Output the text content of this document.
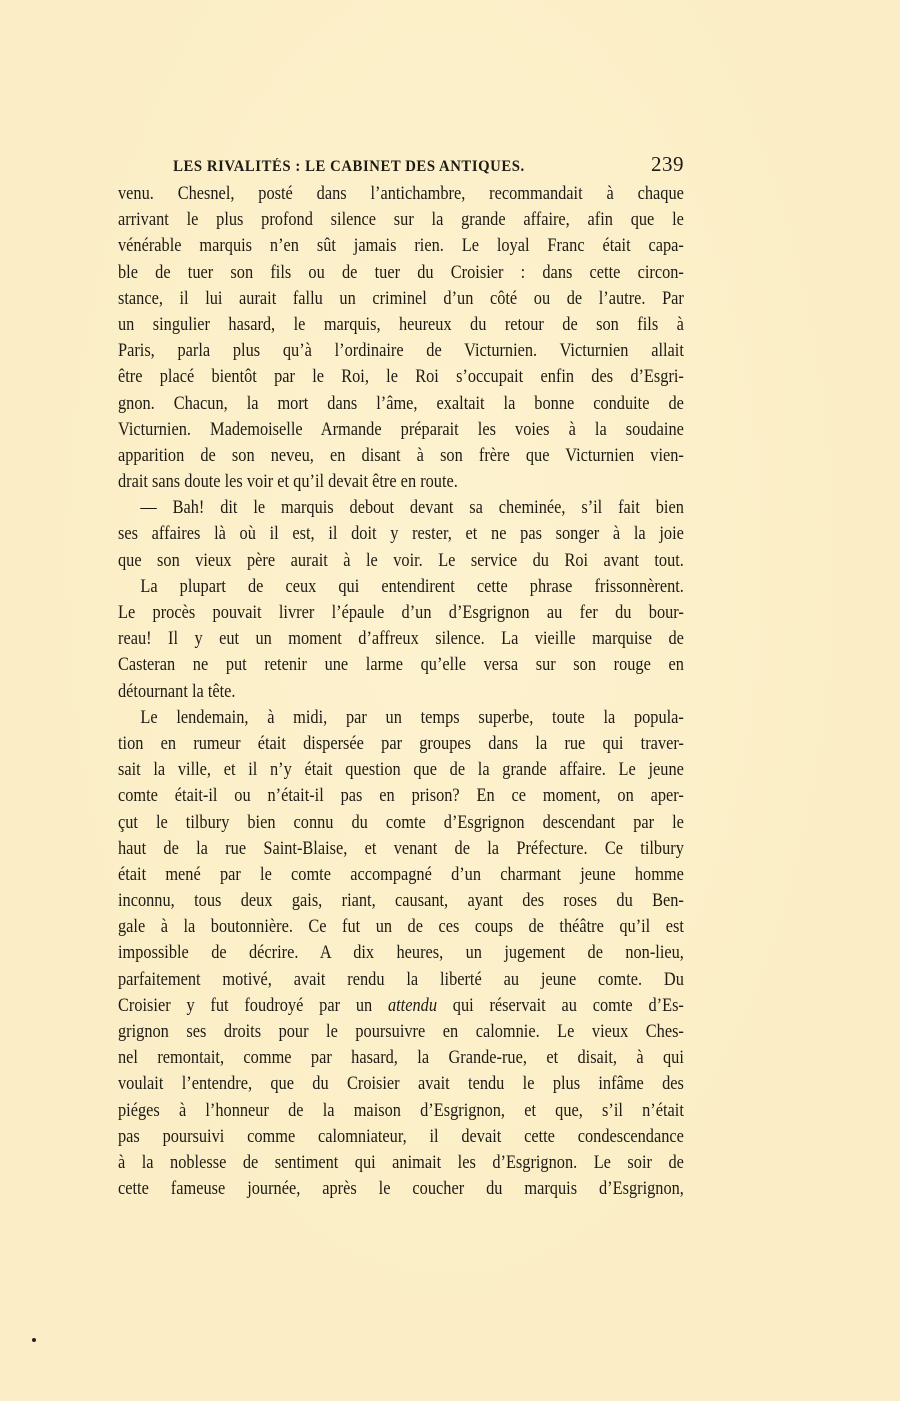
LES RIVALITÉS : LE CABINET DES ANTIQUES.	239
venu. Chesnel, posté dans l’antichambre, recommandait à chaque
arrivant le plus profond silence sur la grande affaire, afin que le
vénérable marquis n’en sût jamais rien. Le loyal Franc était capa-
ble de tuer son fils ou de tuer du Croisier : dans cette circon-
stance, il lui aurait fallu un criminel d’un côté ou de l’autre. Par
un singulier hasard, le marquis, heureux du retour de son fils à
Paris, parla plus qu’à l’ordinaire de Victurnien. Victurnien allait
être placé bientôt par le Roi, le Roi s’occupait enfin des d’Esgri-
gnon. Chacun, la mort dans l’âme, exaltait la bonne conduite de
Victurnien. Mademoiselle Armande préparait les voies à la soudaine
apparition de son neveu, en disant à son frère que Victurnien vien-
drait sans doute les voir et qu’il devait être en route.
— Bah! dit le marquis debout devant sa cheminée, s’il fait bien
ses affaires là où il est, il doit y rester, et ne pas songer à la joie
que son vieux père aurait à le voir. Le service du Roi avant tout.
La plupart de ceux qui entendirent cette phrase frissonnèrent.
Le procès pouvait livrer l’épaule d’un d’Esgrignon au fer du bour-
reau! Il y eut un moment d’affreux silence. La vieille marquise de
Casteran ne put retenir une larme qu’elle versa sur son rouge en
détournant la tête.
Le lendemain, à midi, par un temps superbe, toute la popula-
tion en rumeur était dispersée par groupes dans la rue qui traver-
sait la ville, et il n’y était question que de la grande affaire. Le jeune
comte était-il ou n’était-il pas en prison? En ce moment, on aper-
çut le tilbury bien connu du comte d’Esgrignon descendant par le
haut de la rue Saint-Blaise, et venant de la Préfecture. Ce tilbury
était mené par le comte accompagné d’un charmant jeune homme
inconnu, tous deux gais, riant, causant, ayant des roses du Ben-
gale à la boutonnière. Ce fut un de ces coups de théâtre qu’il est
impossible de décrire. A dix heures, un jugement de non-lieu,
parfaitement motivé, avait rendu la liberté au jeune comte. Du
Croisier y fut foudroyé par un attendu qui réservait au comte d’Es-
grignon ses droits pour le poursuivre en calomnie. Le vieux Ches-
nel remontait, comme par hasard, la Grande-rue, et disait, à qui
voulait l’entendre, que du Croisier avait tendu le plus infâme des
piéges à l’honneur de la maison d’Esgrignon, et que, s’il n’était
pas poursuivi comme calomniateur, il devait cette condescendance
à la noblesse de sentiment qui animait les d’Esgrignon. Le soir de
cette fameuse journée, après le coucher du marquis d’Esgrignon,
